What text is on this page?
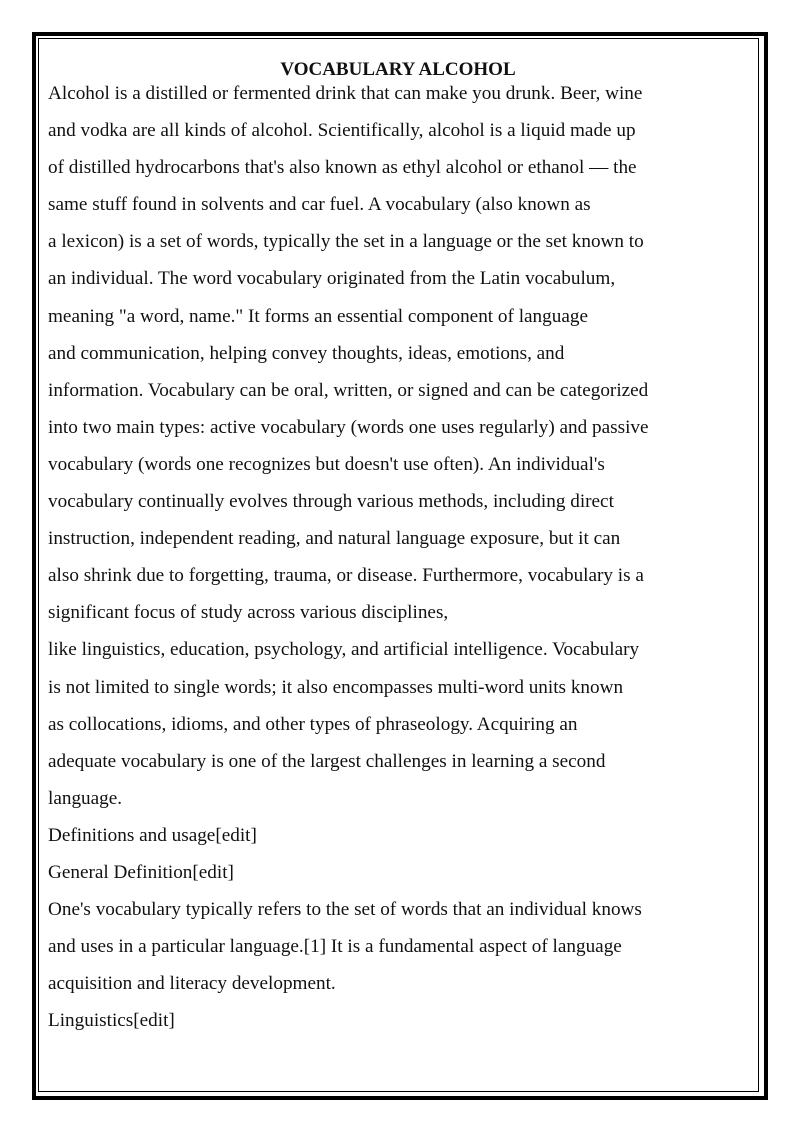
VOCABULARY ALCOHOL
Alcohol is a distilled or fermented drink that can make you drunk. Beer, wine
and vodka are all kinds of alcohol. Scientifically, alcohol is a liquid made up
of distilled hydrocarbons that's also known as ethyl alcohol or ethanol — the
same stuff found in solvents and car fuel. A vocabulary (also known as
a lexicon) is a set of words, typically the set in a language or the set known to
an individual. The word vocabulary originated from the Latin vocabulum,
meaning "a word, name." It forms an essential component of language
and communication, helping convey thoughts, ideas, emotions, and
information. Vocabulary can be oral, written, or signed and can be categorized
into two main types: active vocabulary (words one uses regularly) and passive
vocabulary (words one recognizes but doesn't use often). An individual's
vocabulary continually evolves through various methods, including direct
instruction, independent reading, and natural language exposure, but it can
also shrink due to forgetting, trauma, or disease. Furthermore, vocabulary is a
significant focus of study across various disciplines,
like linguistics, education, psychology, and artificial intelligence. Vocabulary
is not limited to single words; it also encompasses multi-word units known
as collocations, idioms, and other types of phraseology. Acquiring an
adequate vocabulary is one of the largest challenges in learning a second
language.
Definitions and usage[edit]
General Definition[edit]
One's vocabulary typically refers to the set of words that an individual knows
and uses in a particular language.[1] It is a fundamental aspect of language
acquisition and literacy development.
Linguistics[edit]
